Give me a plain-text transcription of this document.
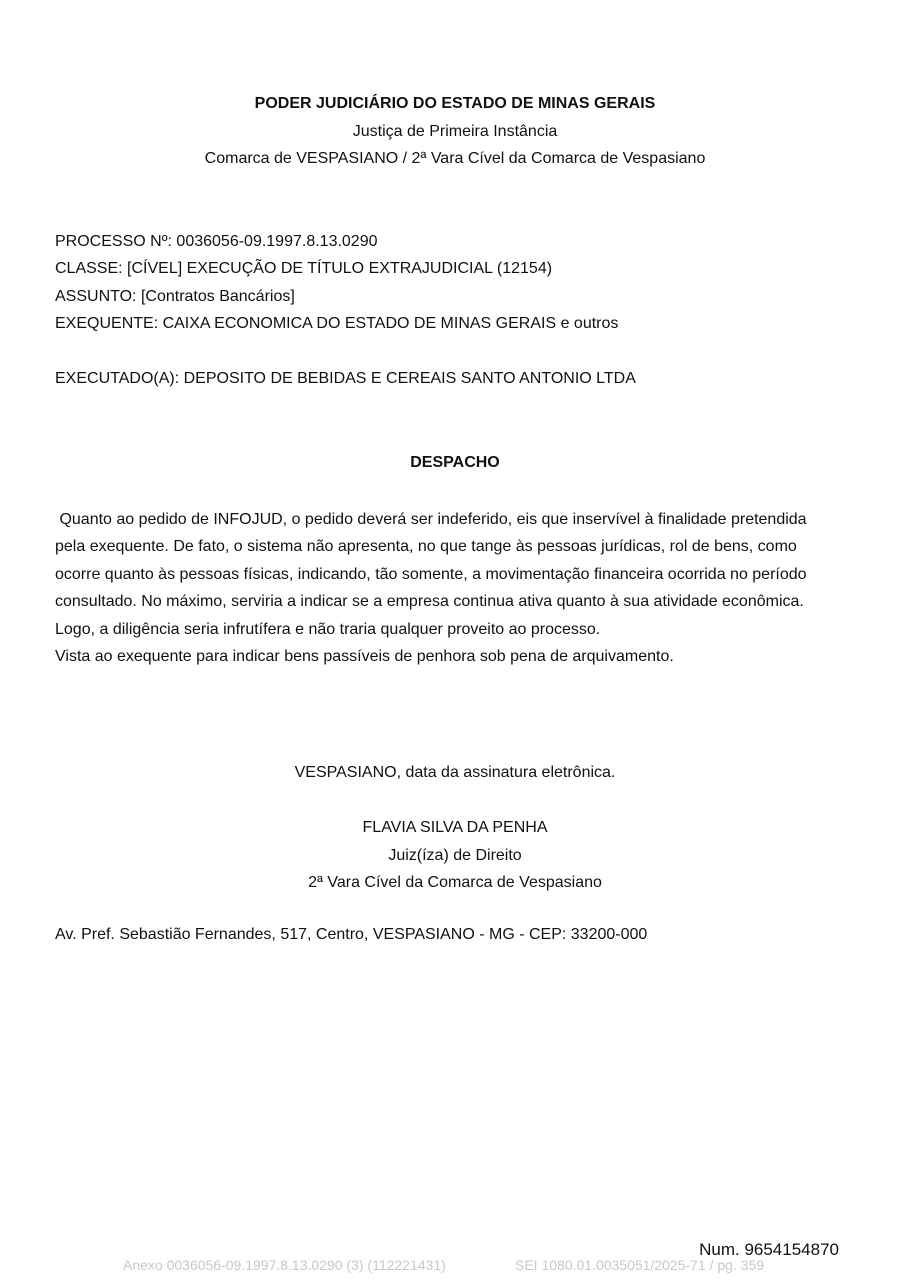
PODER JUDICIÁRIO DO ESTADO DE MINAS GERAIS
Justiça de Primeira Instância
Comarca de VESPASIANO / 2ª Vara Cível da Comarca de Vespasiano
PROCESSO Nº: 0036056-09.1997.8.13.0290
CLASSE: [CÍVEL] EXECUÇÃO DE TÍTULO EXTRAJUDICIAL (12154)
ASSUNTO: [Contratos Bancários]
EXEQUENTE: CAIXA ECONOMICA DO ESTADO DE MINAS GERAIS e outros
EXECUTADO(A): DEPOSITO DE BEBIDAS E CEREAIS SANTO ANTONIO LTDA
DESPACHO

Quanto ao pedido de INFOJUD, o pedido deverá ser indeferido, eis que inservível à finalidade pretendida

pela exequente. De fato, o sistema não apresenta, no que tange às pessoas jurídicas, rol de bens, como

ocorre quanto às pessoas físicas, indicando, tão somente, a movimentação financeira ocorrida no período

consultado. No máximo, serviria a indicar se a empresa continua ativa quanto à sua atividade econômica.

Logo, a diligência seria infrutífera e não traria qualquer proveito ao processo.

Vista ao exequente para indicar bens passíveis de penhora sob pena de arquivamento.

VESPASIANO, data da assinatura eletrônica.
FLAVIA SILVA DA PENHA
Juiz(íza) de Direito
2ª Vara Cível da Comarca de Vespasiano
Av. Pref. Sebastião Fernandes, 517, Centro, VESPASIANO - MG - CEP: 33200-000
Num. 9654154870
Anexo 0036056-09.1997.8.13.0290 (3) (112221431)	SEI 1080.01.0035051/2025-71 / pg. 359
